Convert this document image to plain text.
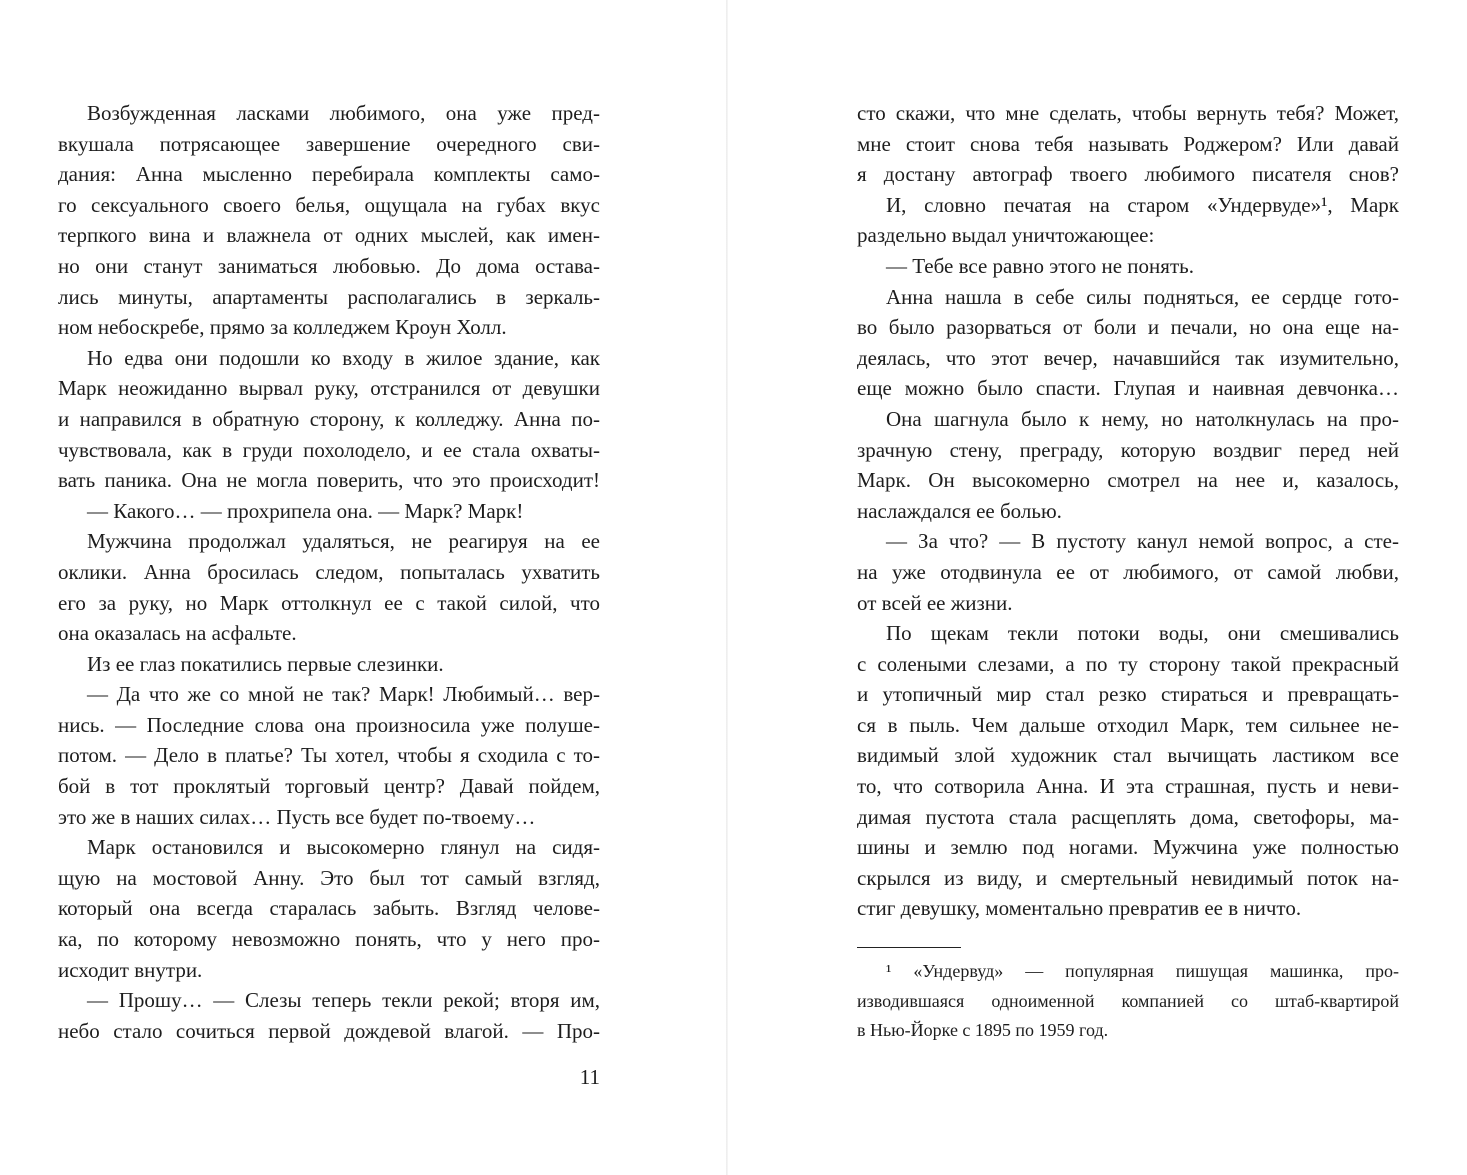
Возбужденная ласками любимого, она уже пред-
вкушала потрясающее завершение очередного сви-
дания: Анна мысленно перебирала комплекты само-
го сексуального своего белья, ощущала на губах вкус
терпкого вина и влажнела от одних мыслей, как имен-
но они станут заниматься любовью. До дома остава-
лись минуты, апартаменты располагались в зеркаль-
ном небоскребе, прямо за колледжем Кроун Холл.
Но едва они подошли ко входу в жилое здание, как
Марк неожиданно вырвал руку, отстранился от девушки
и направился в обратную сторону, к колледжу. Анна по-
чувствовала, как в груди похолодело, и ее стала охваты-
вать паника. Она не могла поверить, что это происходит!
— Какого… — прохрипела она. — Марк? Марк!
Мужчина продолжал удаляться, не реагируя на ее
оклики. Анна бросилась следом, попыталась ухватить
его за руку, но Марк оттолкнул ее с такой силой, что
она оказалась на асфальте.
Из ее глаз покатились первые слезинки.
— Да что же со мной не так? Марк! Любимый… вер-
нись. — Последние слова она произносила уже полуше-
потом. — Дело в платье? Ты хотел, чтобы я сходила с то-
бой в тот проклятый торговый центр? Давай пойдем,
это же в наших силах… Пусть все будет по-твоему…
Марк остановился и высокомерно глянул на сидя-
щую на мостовой Анну. Это был тот самый взгляд,
который она всегда старалась забыть. Взгляд челове-
ка, по которому невозможно понять, что у него про-
исходит внутри.
— Прошу… — Слезы теперь текли рекой; вторя им,
небо стало сочиться первой дождевой влагой. — Про-
11
сто скажи, что мне сделать, чтобы вернуть тебя? Может,
мне стоит снова тебя называть Роджером? Или давай
я достану автограф твоего любимого писателя снов?
И, словно печатая на старом «Ундервуде»¹, Марк
раздельно выдал уничтожающее:
— Тебе все равно этого не понять.
Анна нашла в себе силы подняться, ее сердце гото-
во было разорваться от боли и печали, но она еще на-
деялась, что этот вечер, начавшийся так изумительно,
еще можно было спасти. Глупая и наивная девчонка…
Она шагнула было к нему, но натолкнулась на про-
зрачную стену, преграду, которую воздвиг перед ней
Марк. Он высокомерно смотрел на нее и, казалось,
наслаждался ее болью.
— За что? — В пустоту канул немой вопрос, а сте-
на уже отодвинула ее от любимого, от самой любви,
от всей ее жизни.
По щекам текли потоки воды, они смешивались
с солеными слезами, а по ту сторону такой прекрасный
и утопичный мир стал резко стираться и превращать-
ся в пыль. Чем дальше отходил Марк, тем сильнее не-
видимый злой художник стал вычищать ластиком все
то, что сотворила Анна. И эта страшная, пусть и неви-
димая пустота стала расщеплять дома, светофоры, ма-
шины и землю под ногами. Мужчина уже полностью
скрылся из виду, и смертельный невидимый поток на-
стиг девушку, моментально превратив ее в ничто.
¹ «Ундервуд» — популярная пишущая машинка, про-
изводившаяся одноименной компанией со штаб-квартирой
в Нью-Йорке с 1895 по 1959 год.
